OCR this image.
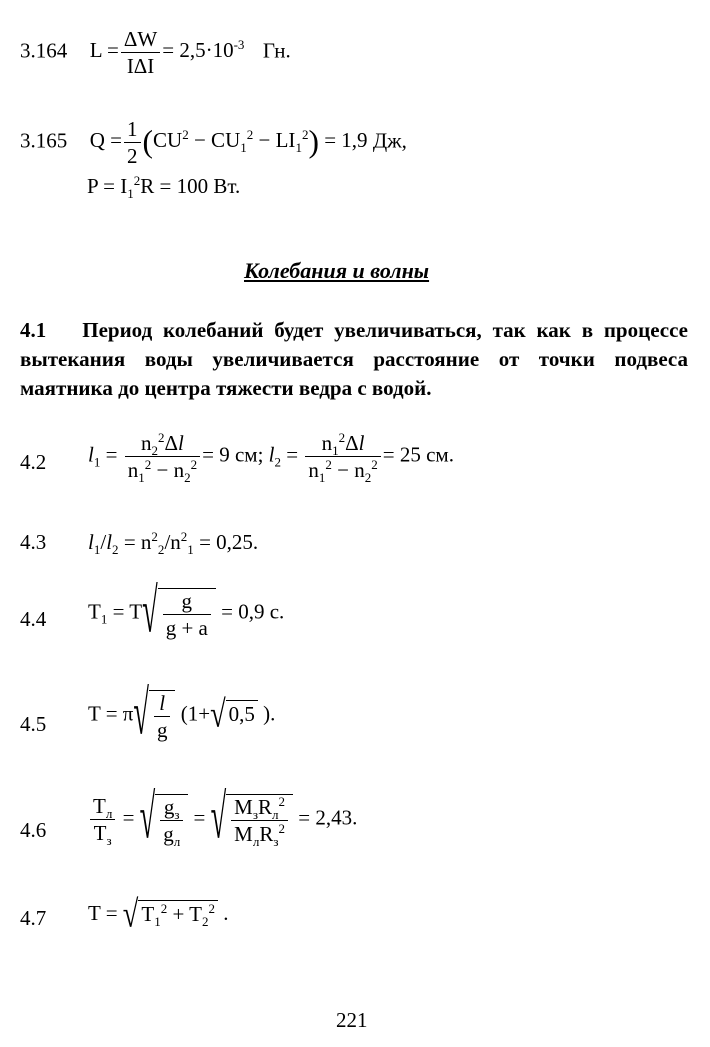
3.164 $L = \frac{\Delta W}{\text{IΔI}} = 2,5\cdot 10^{-3}$ Гн.
3.165 $Q = \frac{1}{2} (CU^2 - CU_1^2 - LI_1^2) = 1,9$ Дж,
$P = I_1^2R = 100$ Вт.
Колебания и волны
4.1 Период колебаний будет увеличиваться, так как в процессе вытекания воды увеличивается расстояние от точки подвеса маятника до центра тяжести ведра с водой.
4.2 $l_1 = \frac{n_2^2\Delta l}{n_1^2 - n_2^2} = 9$ см; $l_2 = \frac{n_1^2\Delta l}{n_1^2 - n_2^2} = 25$ см.
4.3 $l_1/l_2 = n^2_2/n^2_1 = 0,25$.
4.4 $T_1 = T√ \frac{g}{g + a} = 0,9$ с.
4.5 $T = \pi√ \frac{l}{g} (1+√$ 0,5 ).
$4.6 \frac{T_л}{T_з}$ = √ $\frac{g_з}{g_л}$ = √ $\frac{M_зR_л^2}{M_лR_з^2} = 2,43$.
4.7 T = √ $T_1^2 + T_2^2$ .
221
